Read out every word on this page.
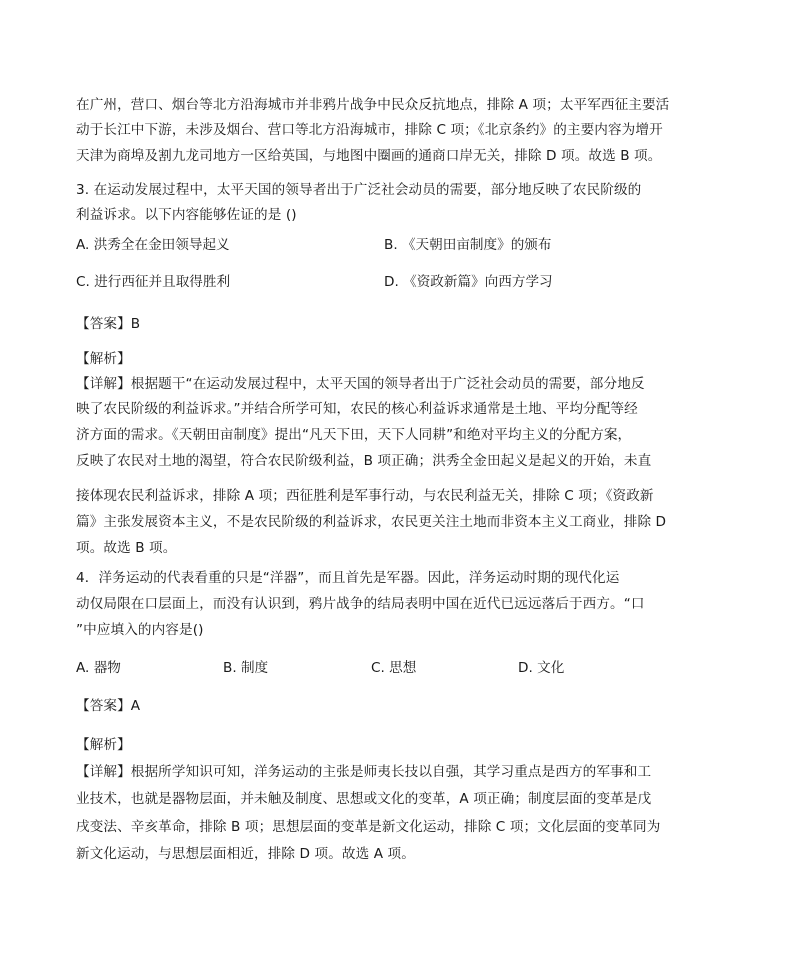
在广州，营口、烟台等北方沿海城市并非鸦片战争中民众反抗地点，排除 A 项；太平军西征主要活
动于长江中下游，未涉及烟台、营口等北方沿海城市，排除 C 项；《北京条约》的主要内容为增开
天津为商埠及割九龙司地方一区给英国，与地图中圈画的通商口岸无关，排除 D 项。故选 B 项。
3. 在运动发展过程中，太平天国的领导者出于广泛社会动员的需要，部分地反映了农民阶级的
利益诉求。以下内容能够佐证的是 ()
A. 洪秀全在金田领导起义	B. 《天朝田亩制度》的颁布
C. 进行西征并且取得胜利	D. 《资政新篇》向西方学习
【答案】B
【解析】
【详解】根据题干“在运动发展过程中，太平天国的领导者出于广泛社会动员的需要，部分地反
映了农民阶级的利益诉求。”并结合所学可知，农民的核心利益诉求通常是土地、平均分配等经
济方面的需求。《天朝田亩制度》提出“凡天下田，天下人同耕”和绝对平均主义的分配方案，
反映了农民对土地的渴望，符合农民阶级利益，B 项正确；洪秀全金田起义是起义的开始，未直
接体现农民利益诉求，排除 A 项；西征胜利是军事行动，与农民利益无关，排除 C 项；《资政新
篇》主张发展资本主义，不是农民阶级的利益诉求，农民更关注土地而非资本主义工商业，排除 D
项。故选 B 项。
4．洋务运动的代表看重的只是“洋器”，而且首先是军器。因此，洋务运动时期的现代化运
动仅局限在口层面上，而没有认识到，鸦片战争的结局表明中国在近代已远远落后于西方。“口
”中应填入的内容是()
A. 器物	B. 制度	C. 思想	D. 文化
【答案】A
【解析】
【详解】根据所学知识可知，洋务运动的主张是师夷长技以自强，其学习重点是西方的军事和工
业技术，也就是器物层面，并未触及制度、思想或文化的变革，A 项正确；制度层面的变革是戊
戌变法、辛亥革命，排除 B 项；思想层面的变革是新文化运动，排除 C 项；文化层面的变革同为
新文化运动，与思想层面相近，排除 D 项。故选 A 项。
